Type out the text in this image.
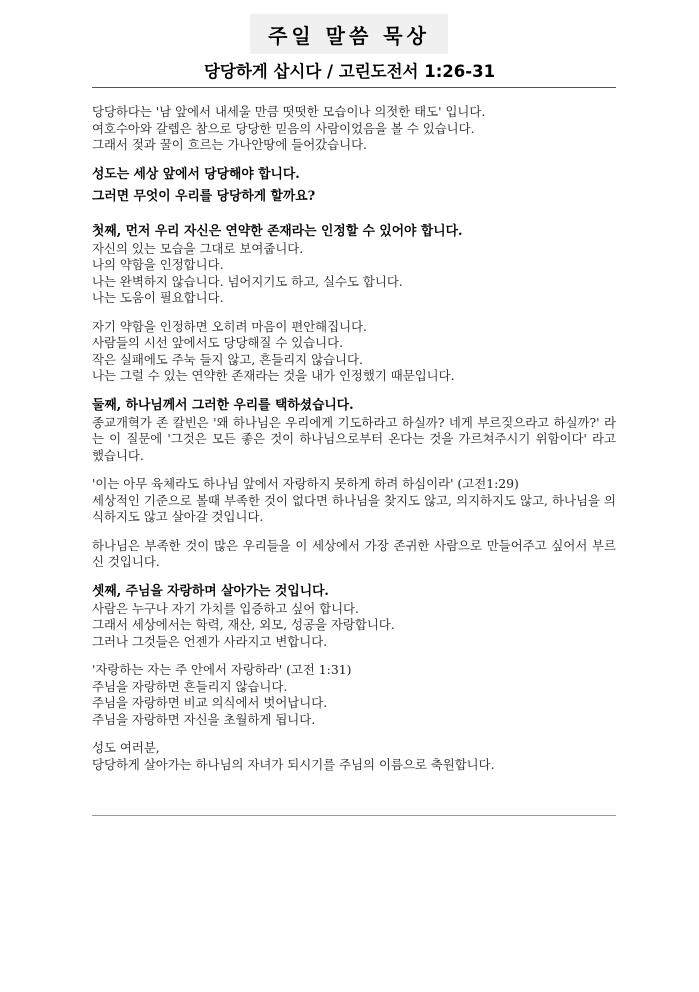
주일 말씀 묵상
당당하게 삽시다 / 고린도전서 1:26-31

당당하다는 '남 앞에서 내세울 만큼 떳떳한 모습이나 의젓한 태도' 입니다.
여호수아와 갈렙은 참으로 당당한 믿음의 사람이었음을 볼 수 있습니다.
그래서 젖과 꿀이 흐르는 가나안땅에 들어갔습니다.

성도는 세상 앞에서 당당해야 합니다.

그러면 무엇이 우리를 당당하게 할까요?

첫째, 먼저 우리 자신은 연약한 존재라는 인정할 수 있어야 합니다.

자신의 있는 모습을 그대로 보여줍니다.
나의 약함을 인정합니다.
나는 완벽하지 않습니다. 넘어지기도 하고, 실수도 합니다.
나는 도움이 필요합니다.

자기 약함을 인정하면 오히려 마음이 편안해집니다.
사람들의 시선 앞에서도 당당해질 수 있습니다.
작은 실패에도 주눅 들지 않고, 흔들리지 않습니다.
나는 그럴 수 있는 연약한 존재라는 것을 내가 인정했기 때문입니다.

둘째, 하나님께서 그러한 우리를 택하셨습니다.

종교개혁가 존 칼빈은 '왜 하나님은 우리에게 기도하라고 하실까? 네게 부르짖으라고 하실까?' 라는 이 질문에 '그것은 모든 좋은 것이 하나님으로부터 온다는 것을 가르쳐주시기 위함이다' 라고 했습니다.

'이는 아무 육체라도 하나님 앞에서 자랑하지 못하게 하려 하심이라' (고전1:29)

세상적인 기준으로 볼때 부족한 것이 없다면 하나님을 찾지도 않고, 의지하지도 않고, 하나님을 의식하지도 않고 살아갈 것입니다.

하나님은 부족한 것이 많은 우리들을 이 세상에서 가장 존귀한 사람으로 만들어주고 싶어서 부르신 것입니다.

셋째, 주님을 자랑하며 살아가는 것입니다.

사람은 누구나 자기 가치를 입증하고 싶어 합니다.
그래서 세상에서는 학력, 재산, 외모, 성공을 자랑합니다.
그러나 그것들은 언젠가 사라지고 변합니다.

'자랑하는 자는 주 안에서 자랑하라' (고전 1:31)

주님을 자랑하면 흔들리지 않습니다.
주님을 자랑하면 비교 의식에서 벗어납니다.
주님을 자랑하면 자신을 초월하게 됩니다.

성도 여러분,
당당하게 살아가는 하나님의 자녀가 되시기를 주님의 이름으로 축원합니다.
